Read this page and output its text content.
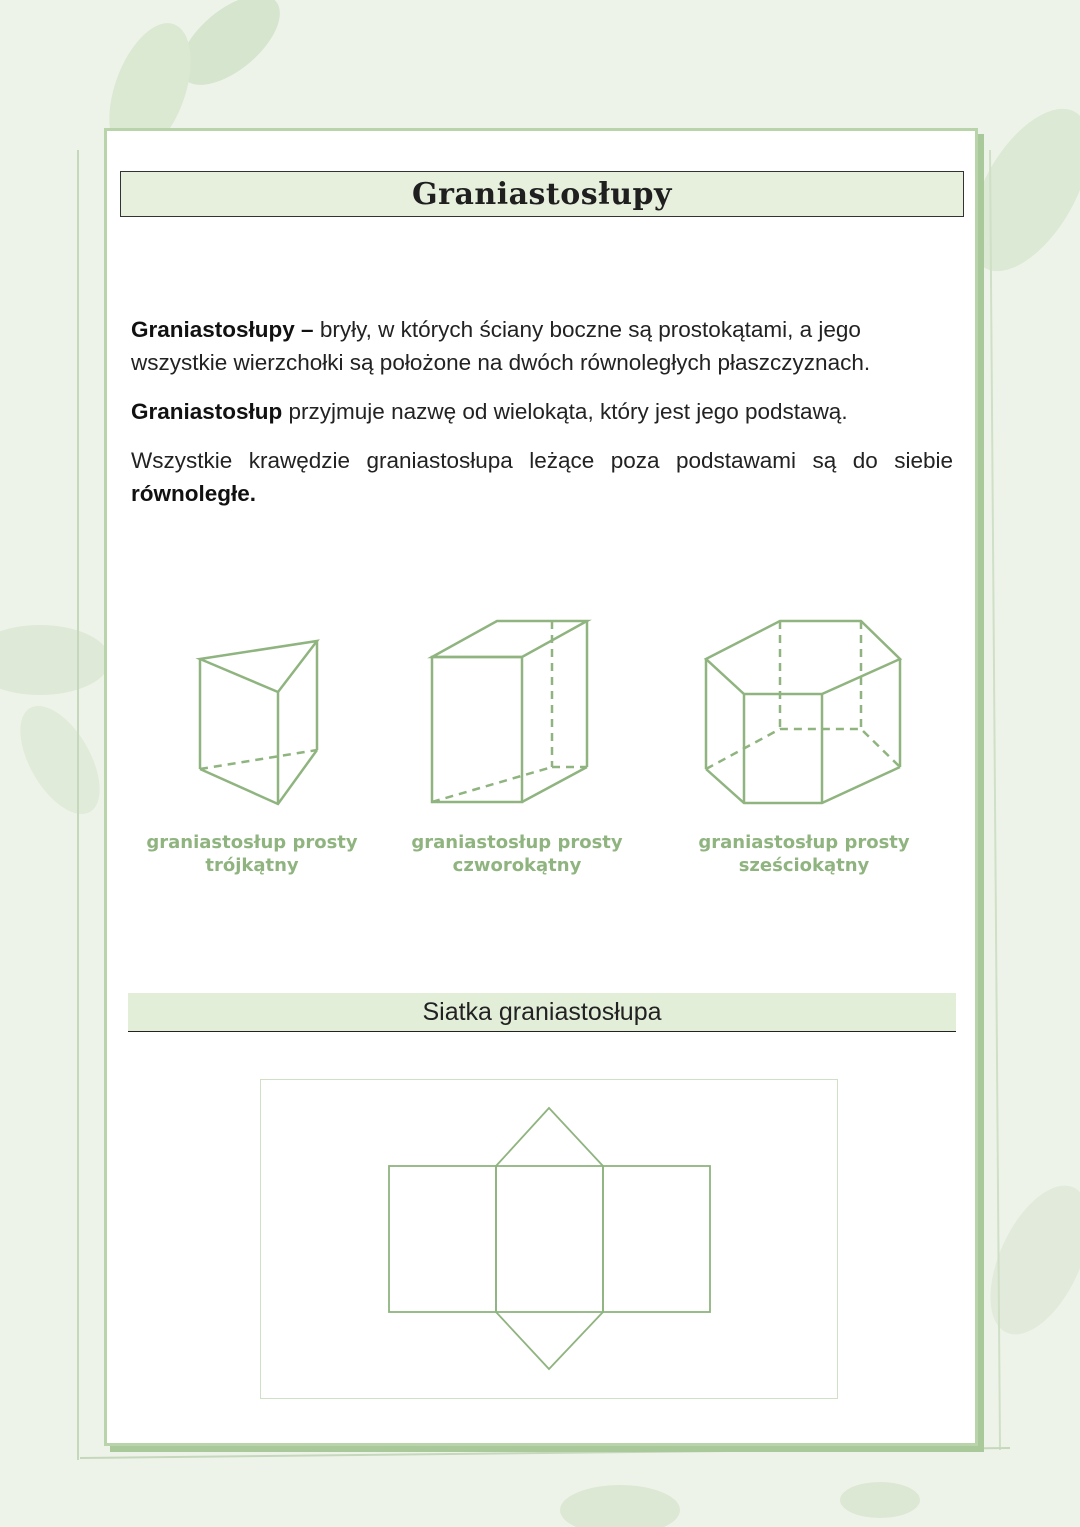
Graniastosłupy
Graniastosłupy – bryły, w których ściany boczne są prostokątami, a jego wszystkie wierzchołki są położone na dwóch równoległych płaszczyznach.
Graniastosłup przyjmuje nazwę od wielokąta, który jest jego podstawą.
Wszystkie krawędzie graniastosłupa leżące poza podstawami są do siebie równoległe.
graniastosłup prosty
trójkątny
graniastosłup prosty
czworokątny
graniastosłup prosty
sześciokątny
Siatka graniastosłupa
